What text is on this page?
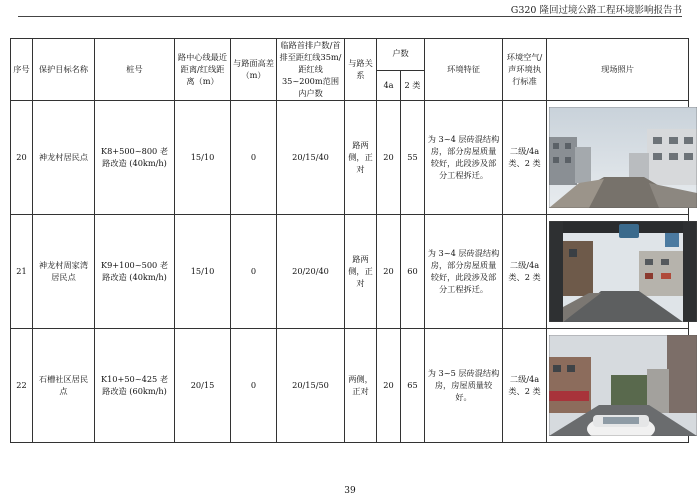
G320 隆回过境公路工程环境影响报告书
序号	保护目标名称	桩号	路中心线最近距离/红线距离（m）	与路面高差（m）	临路首排户数/首排至距红线35m/距红线35~200m范围内户数	与路关系	户数		环境特征	环境空气/声环境执行标准	现场照片
							4a	2 类			
20	神龙村居民点	K8+500~800 老路改造 (40km/h)	15/10	0	20/15/40	路两侧，正对	20	55	为 3~4 层砖混结构房，部分房屋质量较好，此段涉及部分工程拆迁。	二级/4a 类、2 类	

21	神龙村周家湾居民点	K9+100~500 老路改造 (40km/h)	15/10	0	20/20/40	路两侧，正对	20	60	为 3~4 层砖混结构房，部分房屋质量较好，此段涉及部分工程拆迁。	二级/4a 类、2 类	

22	石槽社区居民点	K10+50~425 老路改造 (60km/h)	20/15	0	20/15/50	两侧，正对	20	65	为 3~5 层砖混结构房，房屋质量较好。	二级/4a 类、2 类	
39
